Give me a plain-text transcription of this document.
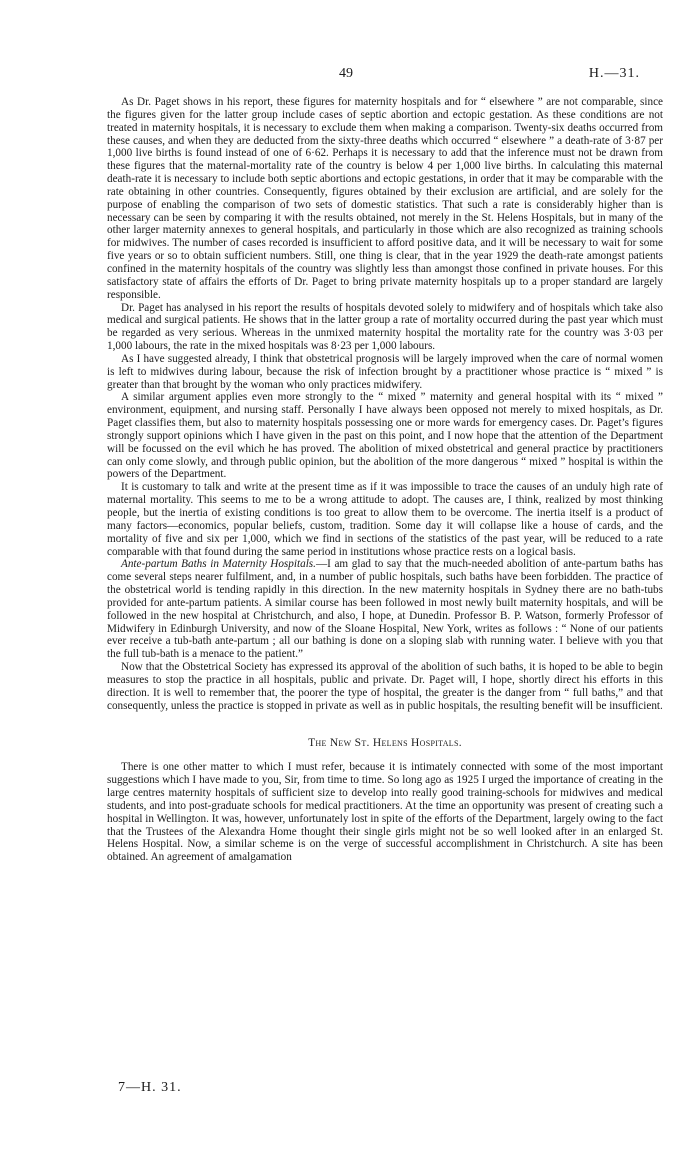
49	H.—31.

As Dr. Paget shows in his report, these figures for maternity hospitals and for “ elsewhere ” are not comparable, since the figures given for the latter group include cases of septic abortion and ectopic gestation. As these conditions are not treated in maternity hospitals, it is necessary to exclude them when making a comparison. Twenty-six deaths occurred from these causes, and when they are deducted from the sixty-three deaths which occurred “ elsewhere ” a death-rate of 3·87 per 1,000 live births is found instead of one of 6·62. Perhaps it is necessary to add that the inference must not be drawn from these figures that the maternal-mortality rate of the country is below 4 per 1,000 live births. In calculating this maternal death-rate it is necessary to include both septic abortions and ectopic gestations, in order that it may be comparable with the rate obtaining in other countries. Consequently, figures obtained by their exclusion are artificial, and are solely for the purpose of enabling the comparison of two sets of domestic statistics. That such a rate is considerably higher than is necessary can be seen by comparing it with the results obtained, not merely in the St. Helens Hospitals, but in many of the other larger maternity annexes to general hospitals, and particularly in those which are also recognized as training schools for midwives. The number of cases recorded is insufficient to afford positive data, and it will be necessary to wait for some five years or so to obtain sufficient numbers. Still, one thing is clear, that in the year 1929 the death-rate amongst patients confined in the maternity hospitals of the country was slightly less than amongst those confined in private houses. For this satisfactory state of affairs the efforts of Dr. Paget to bring private maternity hospitals up to a proper standard are largely responsible.

Dr. Paget has analysed in his report the results of hospitals devoted solely to midwifery and of hospitals which take also medical and surgical patients. He shows that in the latter group a rate of mortality occurred during the past year which must be regarded as very serious. Whereas in the unmixed maternity hospital the mortality rate for the country was 3·03 per 1,000 labours, the rate in the mixed hospitals was 8·23 per 1,000 labours.

As I have suggested already, I think that obstetrical prognosis will be largely improved when the care of normal women is left to midwives during labour, because the risk of infection brought by a practitioner whose practice is “ mixed ” is greater than that brought by the woman who only practices midwifery.

A similar argument applies even more strongly to the “ mixed ” maternity and general hospital with its “ mixed ” environment, equipment, and nursing staff. Personally I have always been opposed not merely to mixed hospitals, as Dr. Paget classifies them, but also to maternity hospitals possessing one or more wards for emergency cases. Dr. Paget’s figures strongly support opinions which I have given in the past on this point, and I now hope that the attention of the Department will be focussed on the evil which he has proved. The abolition of mixed obstetrical and general practice by practitioners can only come slowly, and through public opinion, but the abolition of the more dangerous “ mixed ” hospital is within the powers of the Department.

It is customary to talk and write at the present time as if it was impossible to trace the causes of an unduly high rate of maternal mortality. This seems to me to be a wrong attitude to adopt. The causes are, I think, realized by most thinking people, but the inertia of existing conditions is too great to allow them to be overcome. The inertia itself is a product of many factors—economics, popular beliefs, custom, tradition. Some day it will collapse like a house of cards, and the mortality of five and six per 1,000, which we find in sections of the statistics of the past year, will be reduced to a rate comparable with that found during the same period in institutions whose practice rests on a logical basis.

Ante-partum Baths in Maternity Hospitals.—I am glad to say that the much-needed abolition of ante-partum baths has come several steps nearer fulfilment, and, in a number of public hospitals, such baths have been forbidden. The practice of the obstetrical world is tending rapidly in this direction. In the new maternity hospitals in Sydney there are no bath-tubs provided for ante-partum patients. A similar course has been followed in most newly built maternity hospitals, and will be followed in the new hospital at Christchurch, and also, I hope, at Dunedin. Professor B. P. Watson, formerly Professor of Midwifery in Edinburgh University, and now of the Sloane Hospital, New York, writes as follows : “ None of our patients ever receive a tub-bath ante-partum ; all our bathing is done on a sloping slab with running water. I believe with you that the full tub-bath is a menace to the patient.”

Now that the Obstetrical Society has expressed its approval of the abolition of such baths, it is hoped to be able to begin measures to stop the practice in all hospitals, public and private. Dr. Paget will, I hope, shortly direct his efforts in this direction. It is well to remember that, the poorer the type of hospital, the greater is the danger from “ full baths,” and that consequently, unless the practice is stopped in private as well as in public hospitals, the resulting benefit will be insufficient.

The New St. Helens Hospitals.

There is one other matter to which I must refer, because it is intimately connected with some of the most important suggestions which I have made to you, Sir, from time to time. So long ago as 1925 I urged the importance of creating in the large centres maternity hospitals of sufficient size to develop into really good training-schools for midwives and medical students, and into post-graduate schools for medical practitioners. At the time an opportunity was present of creating such a hospital in Wellington. It was, however, unfortunately lost in spite of the efforts of the Department, largely owing to the fact that the Trustees of the Alexandra Home thought their single girls might not be so well looked after in an enlarged St. Helens Hospital. Now, a similar scheme is on the verge of successful accomplishment in Christchurch. A site has been obtained. An agreement of amalgamation

7—H. 31.
